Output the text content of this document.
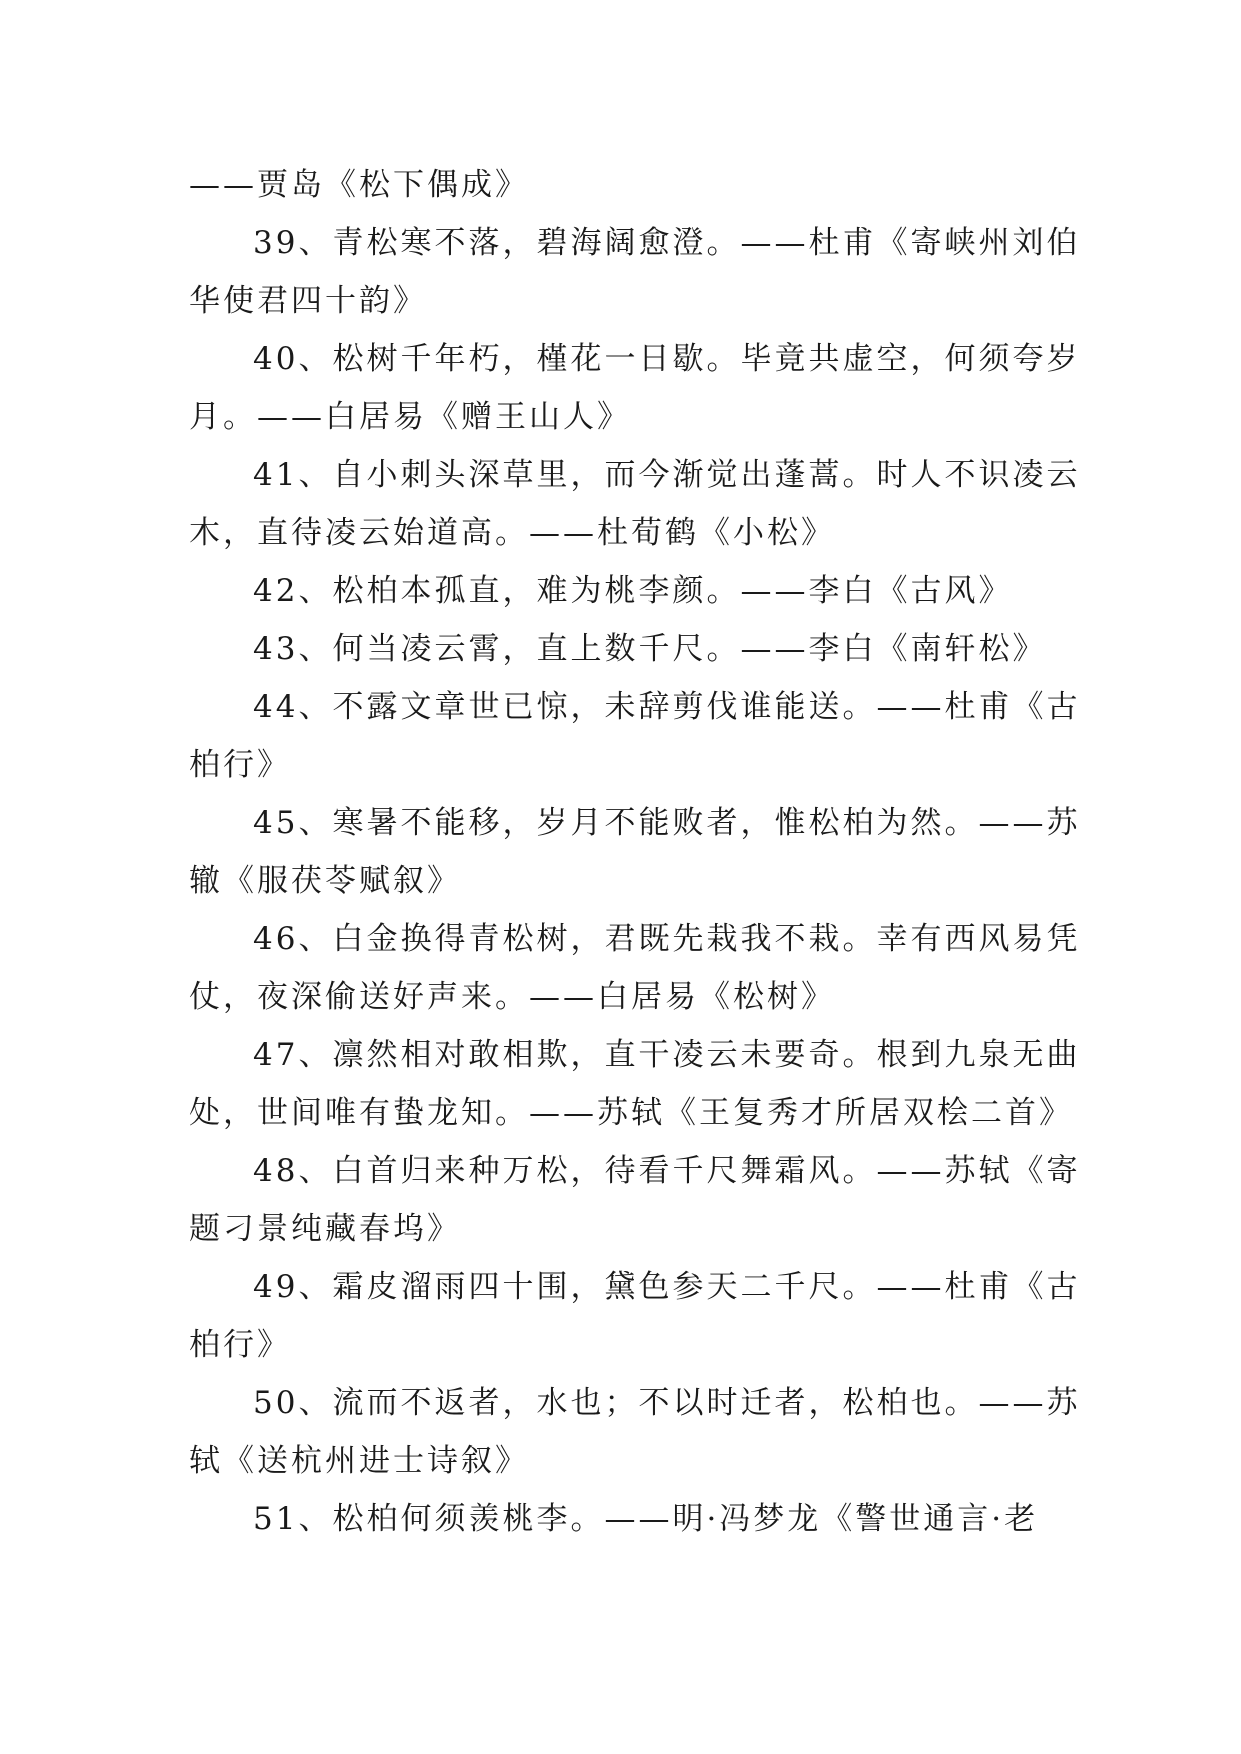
——贾岛《松下偶成》
39、青松寒不落，碧海阔愈澄。——杜甫《寄峡州刘伯
华使君四十韵》
40、松树千年朽，槿花一日歇。毕竟共虚空，何须夸岁
月。——白居易《赠王山人》
41、自小刺头深草里，而今渐觉出蓬蒿。时人不识凌云
木，直待凌云始道高。——杜荀鹤《小松》
42、松柏本孤直，难为桃李颜。——李白《古风》
43、何当凌云霄，直上数千尺。——李白《南轩松》
44、不露文章世已惊，未辞剪伐谁能送。——杜甫《古
柏行》
45、寒暑不能移，岁月不能败者，惟松柏为然。——苏
辙《服茯苓赋叙》
46、白金换得青松树，君既先栽我不栽。幸有西风易凭
仗，夜深偷送好声来。——白居易《松树》
47、凛然相对敢相欺，直干凌云未要奇。根到九泉无曲
处，世间唯有蛰龙知。——苏轼《王复秀才所居双桧二首》
48、白首归来种万松，待看千尺舞霜风。——苏轼《寄
题刁景纯藏春坞》
49、霜皮溜雨四十围，黛色参天二千尺。——杜甫《古
柏行》
50、流而不返者，水也；不以时迁者，松柏也。——苏
轼《送杭州进士诗叙》
51、松柏何须羡桃李。——明·冯梦龙《警世通言·老
